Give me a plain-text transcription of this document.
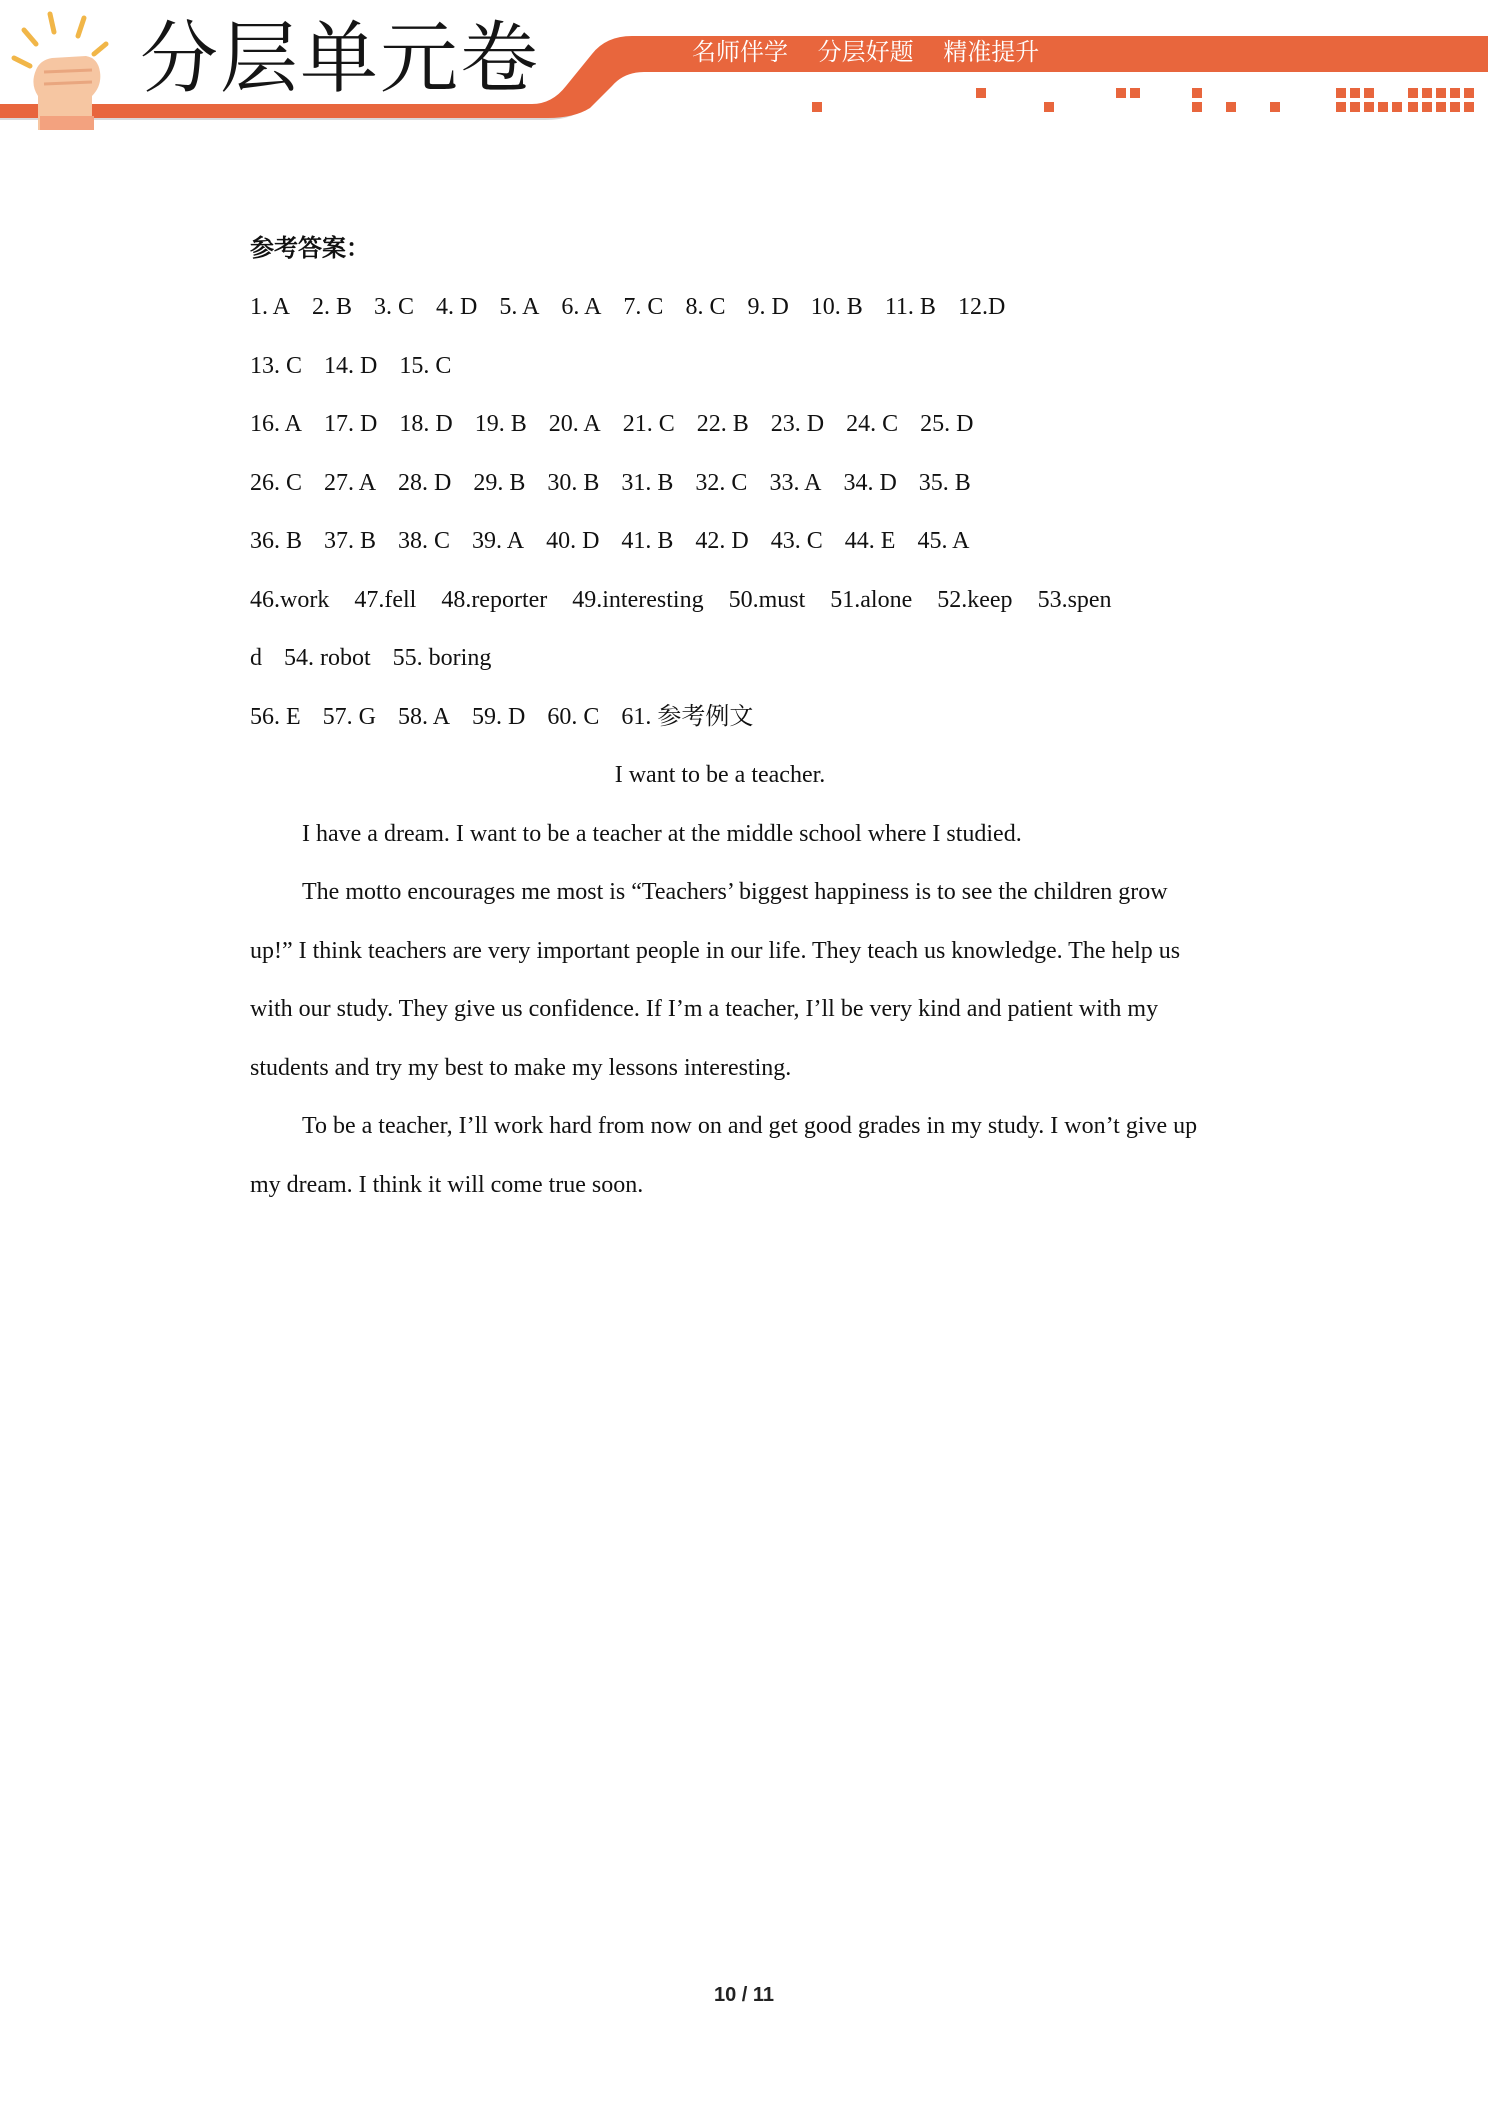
分层单元卷	名师伴学 分层好题 精准提升
参考答案：
1. A 2. B 3. C 4. D 5. A 6. A 7. C 8. C 9. D 10. B 11. B 12.D
13. C 14. D 15. C
16. A 17. D 18. D 19. B 20. A 21. C 22. B 23. D 24. C 25. D
26. C 27. A 28. D 29. B 30. B 31. B 32. C 33. A 34. D 35. B
36. B 37. B 38. C 39. A 40. D 41. B 42. D 43. C 44. E 45. A
46.work 47.fell 48.reporter 49.interesting 50.must 51.alone 52.keep 53.spen
d 54. robot 55. boring
56. E 57. G 58. A 59. D 60. C 61. 参考例文
I want to be a teacher.

I have a dream. I want to be a teacher at the middle school where I studied.

The motto encourages me most is “Teachers’ biggest happiness is to see the children grow up!” I think teachers are very important people in our life. They teach us knowledge. The help us with our study. They give us confidence. If I’m a teacher, I’ll be very kind and patient with my students and try my best to make my lessons interesting.

To be a teacher, I’ll work hard from now on and get good grades in my study. I won’t give up my dream. I think it will come true soon.

10 / 11
